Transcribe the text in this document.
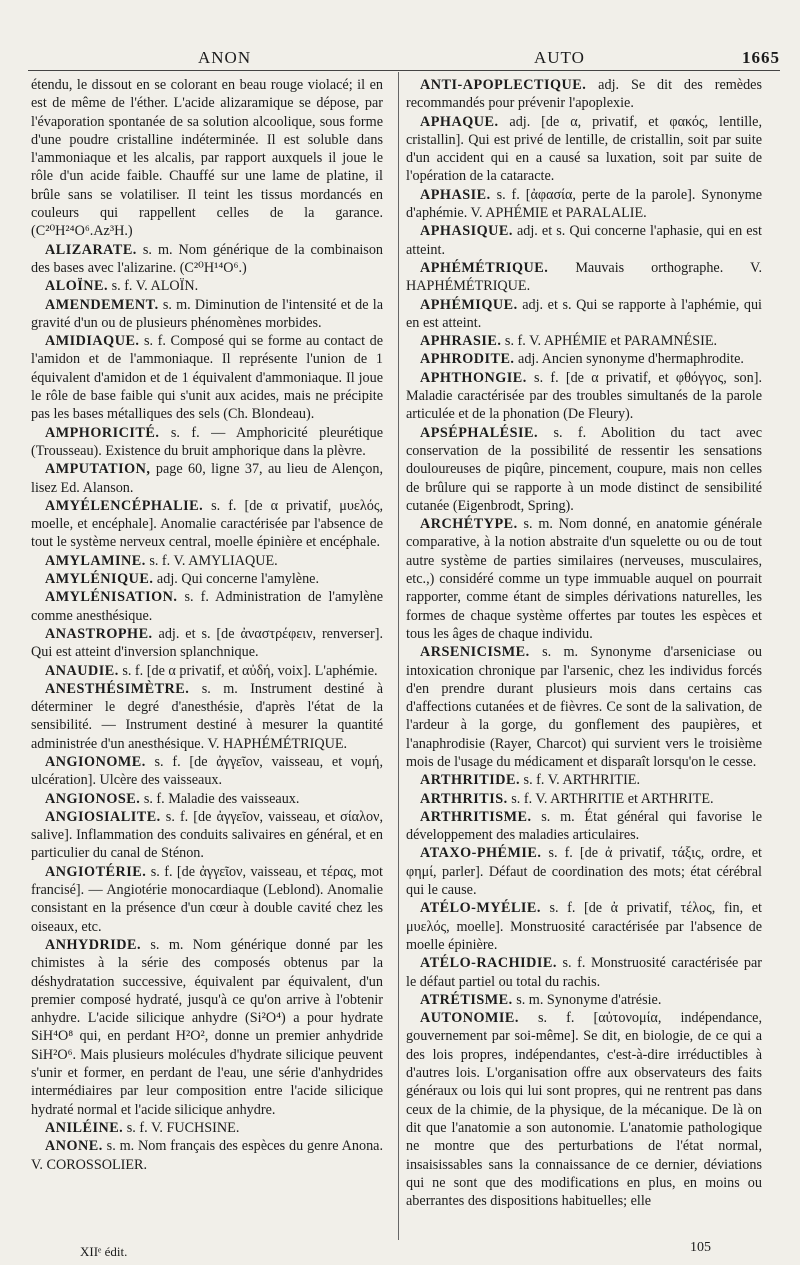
ANON	AUTO	1665

étendu, le dissout en se colorant en beau rouge violacé; il en est de même de l'éther. L'acide alizaramique se dépose, par l'évaporation spontanée de sa solution alcoolique, sous forme d'une poudre cristalline indéterminée. Il est soluble dans l'ammoniaque et les alcalis, par rapport auxquels il joue le rôle d'un acide faible. Chauffé sur une lame de platine, il brûle sans se volatiliser. Il teint les tissus mordancés en couleurs qui rappellent celles de la garance. (C²⁰H²⁴O⁶.Az³H.)

ALIZARATE. s. m. Nom générique de la combinaison des bases avec l'alizarine. (C²⁰H¹⁴O⁶.)

ALOÏNE. s. f. V. ALOÏN.

AMENDEMENT. s. m. Diminution de l'intensité et de la gravité d'un ou de plusieurs phénomènes morbides.

AMIDIAQUE. s. f. Composé qui se forme au contact de l'amidon et de l'ammoniaque. Il représente l'union de 1 équivalent d'amidon et de 1 équivalent d'ammoniaque. Il joue le rôle de base faible qui s'unit aux acides, mais ne précipite pas les bases métalliques des sels (Ch. Blondeau).

AMPHORICITÉ. s. f. — Amphoricité pleurétique (Trousseau). Existence du bruit amphorique dans la plèvre.

AMPUTATION, page 60, ligne 37, au lieu de Alençon, lisez Ed. Alanson.

AMYÉLENCÉPHALIE. s. f. [de α privatif, μυελός, moelle, et encéphale]. Anomalie caractérisée par l'absence de tout le système nerveux central, moelle épinière et encéphale.

AMYLAMINE. s. f. V. AMYLIAQUE.

AMYLÉNIQUE. adj. Qui concerne l'amylène.

AMYLÉNISATION. s. f. Administration de l'amylène comme anesthésique.

ANASTROPHE. adj. et s. [de ἀναστρέφειν, renverser]. Qui est atteint d'inversion splanchnique.

ANAUDIE. s. f. [de α privatif, et αὐδή, voix]. L'aphémie.

ANESTHÉSIMÈTRE. s. m. Instrument destiné à déterminer le degré d'anesthésie, d'après l'état de la sensibilité. — Instrument destiné à mesurer la quantité administrée d'un anesthésique. V. HAPHÉMÉTRIQUE.

ANGIONOME. s. f. [de ἀγγεῖον, vaisseau, et νομή, ulcération]. Ulcère des vaisseaux.

ANGIONOSE. s. f. Maladie des vaisseaux.

ANGIOSIALITE. s. f. [de ἀγγεῖον, vaisseau, et σίαλον, salive]. Inflammation des conduits salivaires en général, et en particulier du canal de Sténon.

ANGIOTÉRIE. s. f. [de ἀγγεῖον, vaisseau, et τέρας, mot francisé]. — Angiotérie monocardiaque (Leblond). Anomalie consistant en la présence d'un cœur à double cavité chez les oiseaux, etc.

ANHYDRIDE. s. m. Nom générique donné par les chimistes à la série des composés obtenus par la déshydratation successive, équivalent par équivalent, d'un premier composé hydraté, jusqu'à ce qu'on arrive à l'obtenir anhydre. L'acide silicique anhydre (Si²O⁴) a pour hydrate SiH⁴O⁸ qui, en perdant H²O², donne un premier anhydride SiH²O⁶. Mais plusieurs molécules d'hydrate silicique peuvent s'unir et former, en perdant de l'eau, une série d'anhydrides intermédiaires par leur composition entre l'acide silicique hydraté normal et l'acide silicique anhydre.

ANILÉINE. s. f. V. FUCHSINE.

ANONE. s. m. Nom français des espèces du genre Anona. V. COROSSOLIER.

ANTI-APOPLECTIQUE. adj. Se dit des remèdes recommandés pour prévenir l'apoplexie.

APHAQUE. adj. [de α, privatif, et φακός, lentille, cristallin]. Qui est privé de lentille, de cristallin, soit par suite d'un accident qui en a causé sa luxation, soit par suite de l'opération de la cataracte.

APHASIE. s. f. [ἀφασία, perte de la parole]. Synonyme d'aphémie. V. APHÉMIE et PARALALIE.

APHASIQUE. adj. et s. Qui concerne l'aphasie, qui en est atteint.

APHÉMÉTRIQUE. Mauvais orthographe. V. HAPHÉMÉTRIQUE.

APHÉMIQUE. adj. et s. Qui se rapporte à l'aphémie, qui en est atteint.

APHRASIE. s. f. V. APHÉMIE et PARAMNÉSIE.

APHRODITE. adj. Ancien synonyme d'hermaphrodite.

APHTHONGIE. s. f. [de α privatif, et φθόγγος, son]. Maladie caractérisée par des troubles simultanés de la parole articulée et de la phonation (De Fleury).

APSÉPHALÉSIE. s. f. Abolition du tact avec conservation de la possibilité de ressentir les sensations douloureuses de piqûre, pincement, coupure, mais non celles de brûlure qui se rapporte à un mode distinct de sensibilité cutanée (Eigenbrodt, Spring).

ARCHÉTYPE. s. m. Nom donné, en anatomie générale comparative, à la notion abstraite d'un squelette ou ou de tout autre système de parties similaires (nerveuses, musculaires, etc.,) considéré comme un type immuable auquel on pourrait rapporter, comme étant de simples dérivations naturelles, les formes de chaque système offertes par toutes les espèces et tous les âges de chaque individu.

ARSENICISME. s. m. Synonyme d'arseniciase ou intoxication chronique par l'arsenic, chez les individus forcés d'en prendre durant plusieurs mois dans certains cas d'affections cutanées et de fièvres. Ce sont de la salivation, de l'ardeur à la gorge, du gonflement des paupières, et l'anaphrodisie (Rayer, Charcot) qui survient vers le troisième mois de l'usage du médicament et disparaît lorsqu'on le cesse.

ARTHRITIDE. s. f. V. ARTHRITIE.

ARTHRITIS. s. f. V. ARTHRITIE et ARTHRITE.

ARTHRITISME. s. m. État général qui favorise le développement des maladies articulaires.

ATAXO-PHÉMIE. s. f. [de ἀ privatif, τάξις, ordre, et φημί, parler]. Défaut de coordination des mots; état cérébral qui le cause.

ATÉLO-MYÉLIE. s. f. [de ἀ privatif, τέλος, fin, et μυελός, moelle]. Monstruosité caractérisée par l'absence de moelle épinière.

ATÉLO-RACHIDIE. s. f. Monstruosité caractérisée par le défaut partiel ou total du rachis.

ATRÉTISME. s. m. Synonyme d'atrésie.

AUTONOMIE. s. f. [αὐτονομία, indépendance, gouvernement par soi-même]. Se dit, en biologie, de ce qui a des lois propres, indépendantes, c'est-à-dire irréductibles à d'autres lois. L'organisation offre aux observateurs des faits généraux ou lois qui lui sont propres, qui ne rentrent pas dans ceux de la chimie, de la physique, de la mécanique. De là on dit que l'anatomie a son autonomie. L'anatomie pathologique ne montre que des perturbations de l'état normal, insaisissables sans la connaissance de ce dernier, déviations qui ne sont que des modifications en plus, en moins ou aberrantes des dispositions habituelles; elle

XIIᵉ édit.	105
